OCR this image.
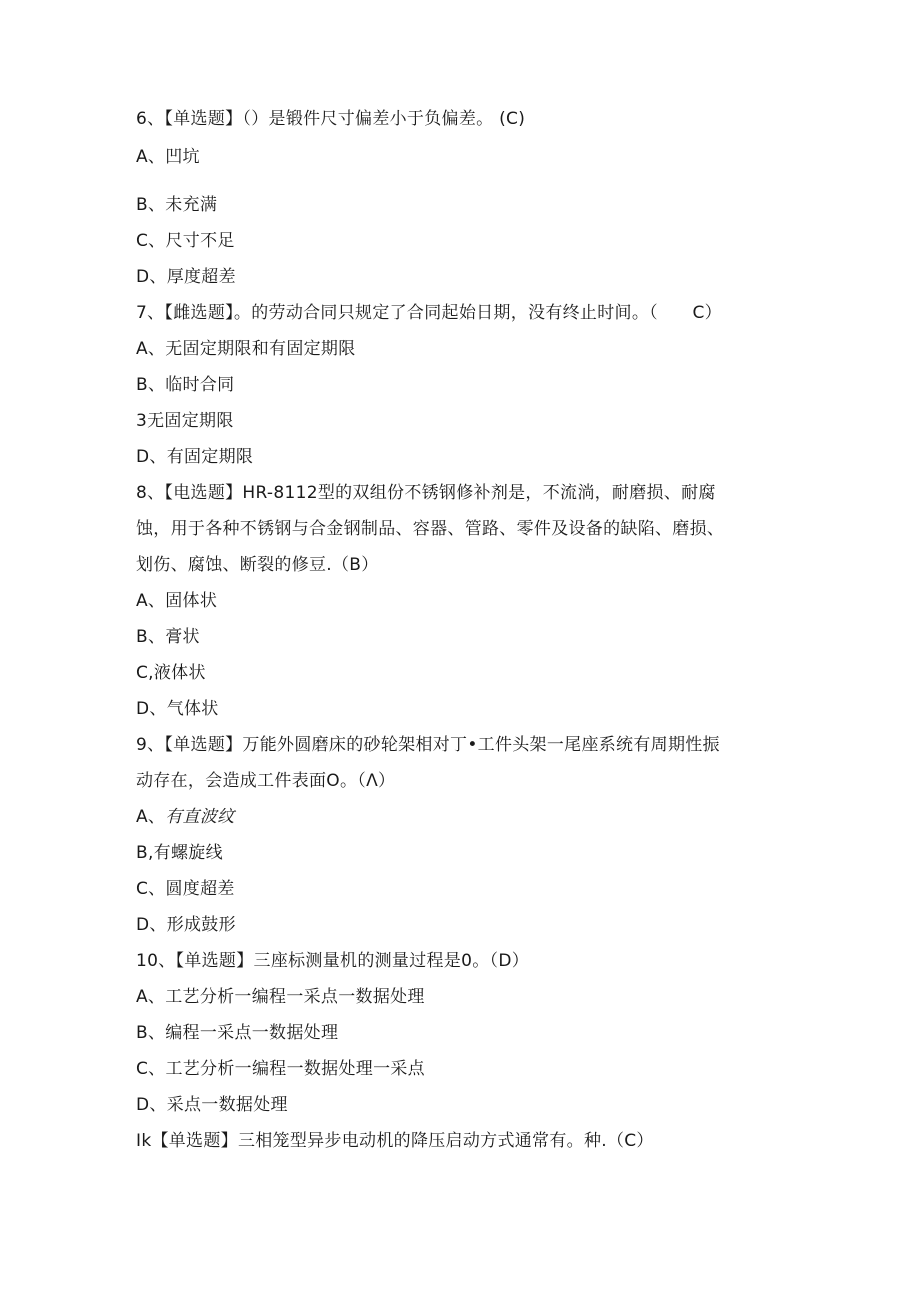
6、【单选题】（）是锻件尺寸偏差小于负偏差。 (C)
A、凹坑
B、未充满
C、尺寸不足
D、厚度超差
7、【雌选题】。的劳动合同只规定了合同起始日期，没有终止时间。（　　C）
A、无固定期限和有固定期限
B、临时合同
3无固定期限
D、有固定期限
8、【电选题】HR-8112型的双组份不锈钢修补剂是，不流淌，耐磨损、耐腐
蚀，用于各种不锈钢与合金钢制品、容器、管路、零件及设备的缺陷、磨损、
划伤、腐蚀、断裂的修豆.（B）
A、固体状
B、膏状
C,液体状
D、气体状
9、【单选题】万能外圆磨床的砂轮架相对丁•工件头架一尾座系统有周期性振
动存在，会造成工件表面O。（Λ）
A、有直波纹
B,有螺旋线
C、圆度超差
D、形成鼓形
10、【单选题】三座标测量机的测量过程是0。（D）
A、工艺分析一编程一采点一数据处理
B、编程一采点一数据处理
C、工艺分析一编程一数据处理一采点
D、采点一数据处理
Ik【单选题】三相笼型异步电动机的降压启动方式通常有。种.（C）
